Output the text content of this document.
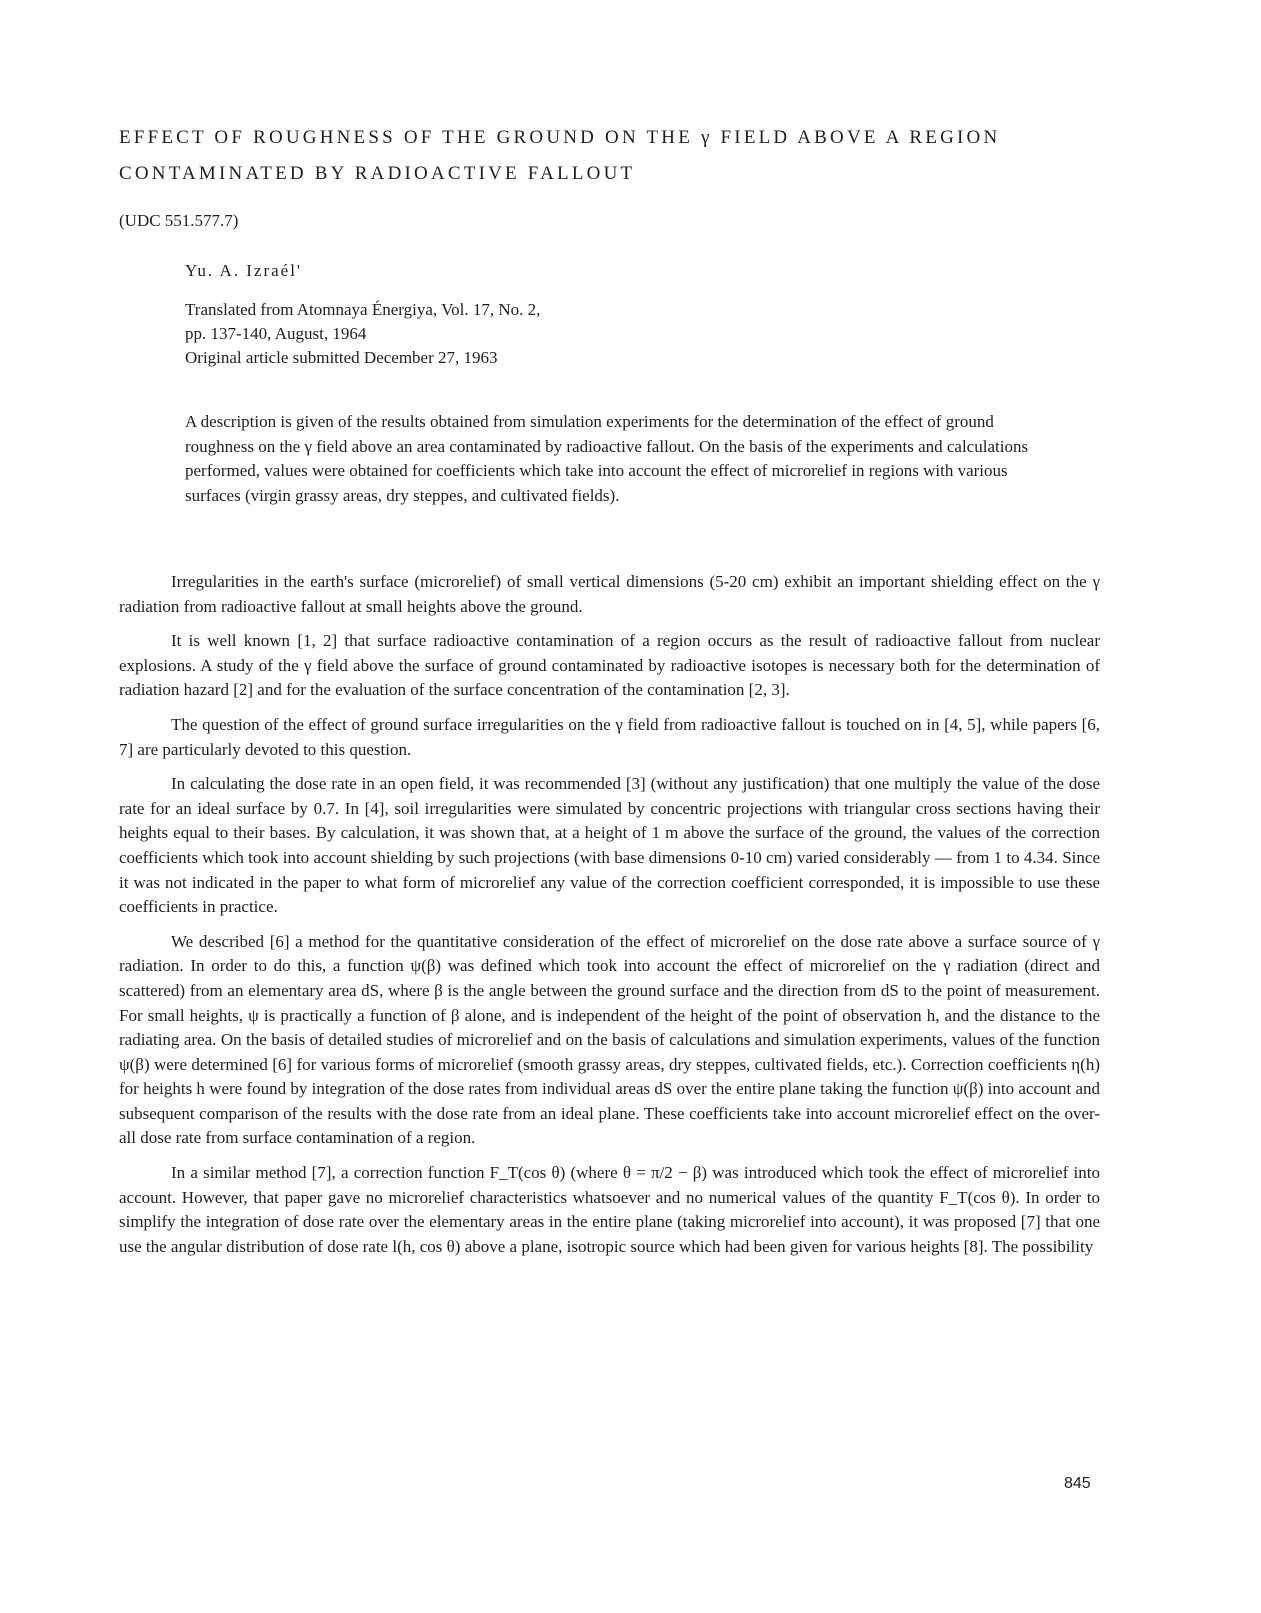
EFFECT OF ROUGHNESS OF THE GROUND ON THE γ FIELD ABOVE A REGION
CONTAMINATED BY RADIOACTIVE FALLOUT
(UDC 551.577.7)
Yu. A. Izraél'
Translated from Atomnaya Énergiya, Vol. 17, No. 2,
pp. 137-140, August, 1964
Original article submitted December 27, 1963

A description is given of the results obtained from simulation experiments for the determination of the effect of ground roughness on the γ field above an area contaminated by radioactive fallout. On the basis of the experiments and calculations performed, values were obtained for coefficients which take into account the effect of microrelief in regions with various surfaces (virgin grassy areas, dry steppes, and cultivated fields).

Irregularities in the earth's surface (microrelief) of small vertical dimensions (5-20 cm) exhibit an important shielding effect on the γ radiation from radioactive fallout at small heights above the ground.

It is well known [1, 2] that surface radioactive contamination of a region occurs as the result of radioactive fallout from nuclear explosions. A study of the γ field above the surface of ground contaminated by radioactive isotopes is necessary both for the determination of radiation hazard [2] and for the evaluation of the surface concentration of the contamination [2, 3].

The question of the effect of ground surface irregularities on the γ field from radioactive fallout is touched on in [4, 5], while papers [6, 7] are particularly devoted to this question.

In calculating the dose rate in an open field, it was recommended [3] (without any justification) that one multiply the value of the dose rate for an ideal surface by 0.7. In [4], soil irregularities were simulated by concentric projections with triangular cross sections having their heights equal to their bases. By calculation, it was shown that, at a height of 1 m above the surface of the ground, the values of the correction coefficients which took into account shielding by such projections (with base dimensions 0-10 cm) varied considerably — from 1 to 4.34. Since it was not indicated in the paper to what form of microrelief any value of the correction coefficient corresponded, it is impossible to use these coefficients in practice.

We described [6] a method for the quantitative consideration of the effect of microrelief on the dose rate above a surface source of γ radiation. In order to do this, a function ψ(β) was defined which took into account the effect of microrelief on the γ radiation (direct and scattered) from an elementary area dS, where β is the angle between the ground surface and the direction from dS to the point of measurement. For small heights, ψ is practically a function of β alone, and is independent of the height of the point of observation h, and the distance to the radiating area. On the basis of detailed studies of microrelief and on the basis of calculations and simulation experiments, values of the function ψ(β) were determined [6] for various forms of microrelief (smooth grassy areas, dry steppes, cultivated fields, etc.). Correction coefficients η(h) for heights h were found by integration of the dose rates from individual areas dS over the entire plane taking the function ψ(β) into account and subsequent comparison of the results with the dose rate from an ideal plane. These coefficients take into account microrelief effect on the over-all dose rate from surface contamination of a region.

In a similar method [7], a correction function F_T(cos θ) (where θ = π/2 − β) was introduced which took the effect of microrelief into account. However, that paper gave no microrelief characteristics whatsoever and no numerical values of the quantity F_T(cos θ). In order to simplify the integration of dose rate over the elementary areas in the entire plane (taking microrelief into account), it was proposed [7] that one use the angular distribution of dose rate l(h, cos θ) above a plane, isotropic source which had been given for various heights [8]. The possibility

845
